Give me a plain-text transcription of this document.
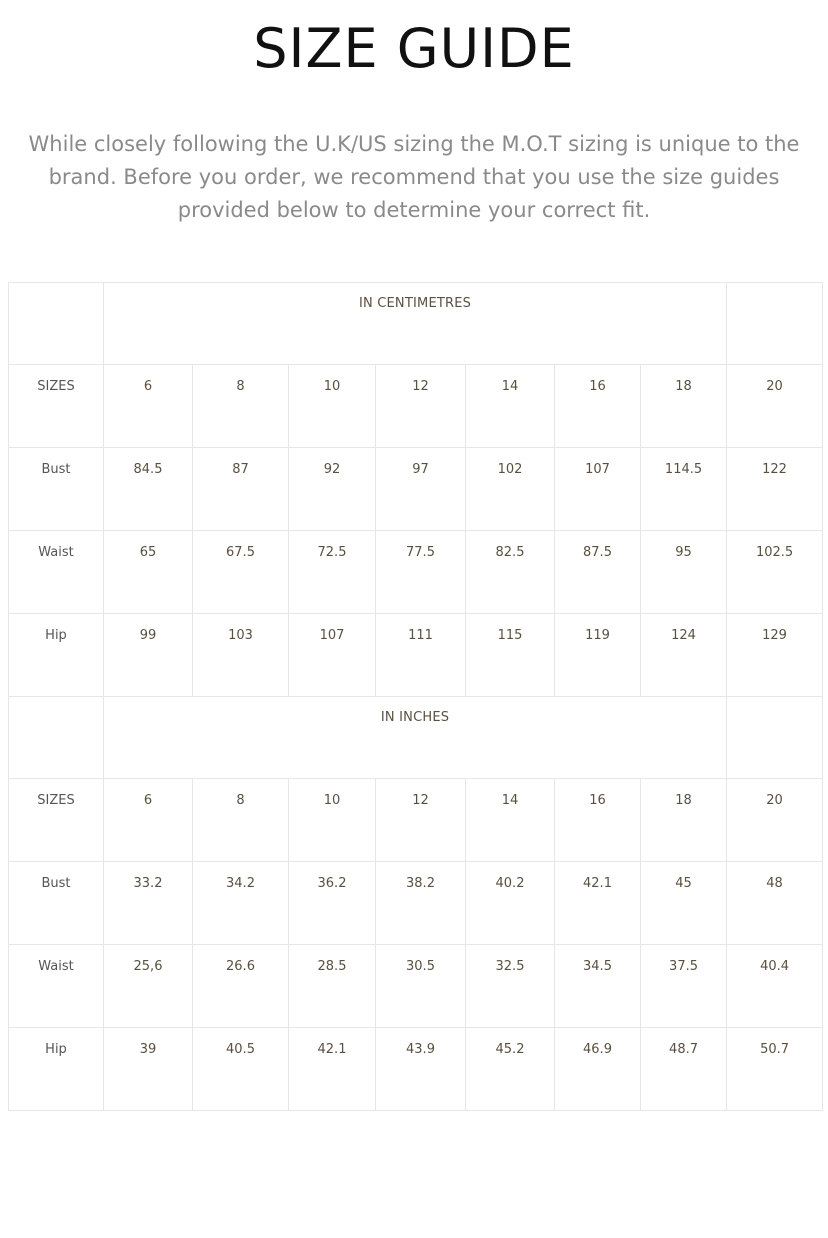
SIZE GUIDE

While closely following the U.K/US sizing the M.O.T sizing is unique to the brand. Before you order, we recommend that you use the size guides provided below to determine your correct fit.

	IN CENTIMETRES							

SIZES	6	8	10	12	14	16	18	20

Bust	84.5	87	92	97	102	107	114.5	122

Waist	65	67.5	72.5	77.5	82.5	87.5	95	102.5

Hip	99	103	107	111	115	119	124	129

	IN INCHES							

SIZES	6	8	10	12	14	16	18	20

Bust	33.2	34.2	36.2	38.2	40.2	42.1	45	48

Waist	25,6	26.6	28.5	30.5	32.5	34.5	37.5	40.4

Hip	39	40.5	42.1	43.9	45.2	46.9	48.7	50.7
